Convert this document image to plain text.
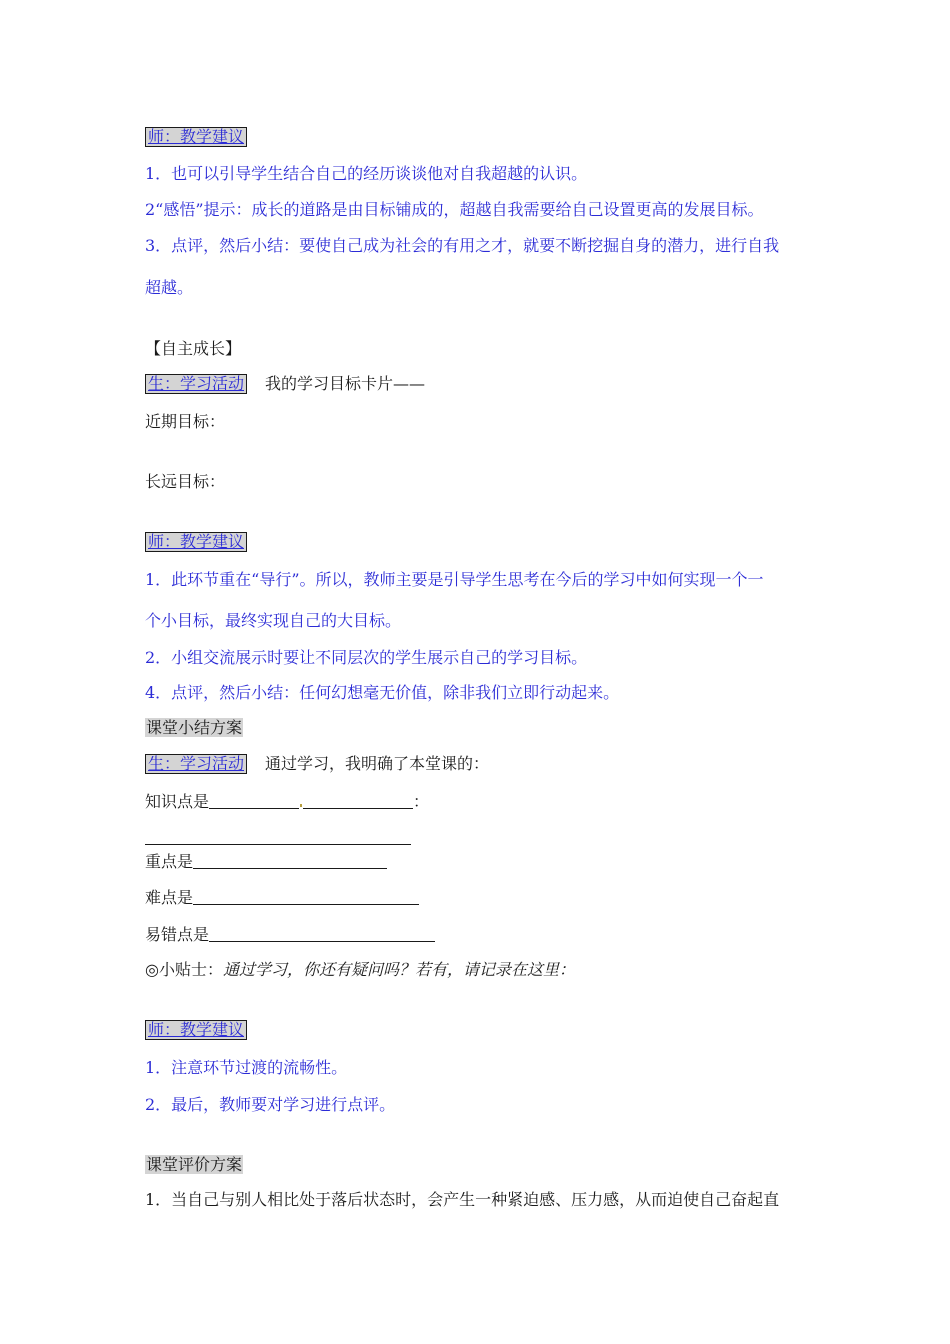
师：教学建议
1．也可以引导学生结合自己的经历谈谈他对自我超越的认识。
2“感悟”提示：成长的道路是由目标铺成的，超越自我需要给自己设置更高的发展目标。
3．点评，然后小结：要使自己成为社会的有用之才，就要不断挖掘自身的潜力，进行自我
超越。
【自主成长】
生：学习活动 我的学习目标卡片——
近期目标：
长远目标：
师：教学建议
1．此环节重在“导行”。所以，教师主要是引导学生思考在今后的学习中如何实现一个一
个小目标，最终实现自己的大目标。
2．小组交流展示时要让不同层次的学生展示自己的学习目标。
4．点评，然后小结：任何幻想毫无价值，除非我们立即行动起来。
课堂小结方案
生：学习活动 通过学习，我明确了本堂课的：
知识点是	：
重点是
难点是
易错点是
◎小贴士：通过学习，你还有疑问吗？若有，请记录在这里：
师：教学建议
1．注意环节过渡的流畅性。
2．最后，教师要对学习进行点评。
课堂评价方案
1．当自己与别人相比处于落后状态时，会产生一种紧迫感、压力感，从而迫使自己奋起直
